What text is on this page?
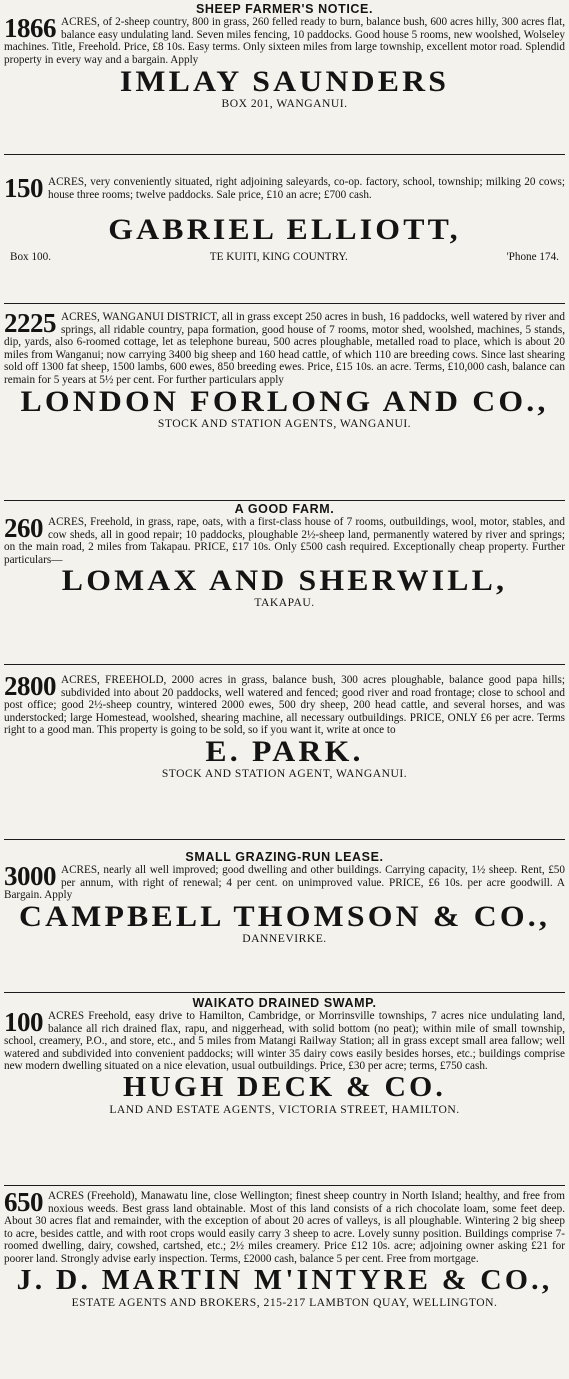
SHEEP FARMER'S NOTICE.
1866 ACRES, of 2-sheep country, 800 in grass, 260 felled ready to burn, balance bush, 600 acres hilly, 300 acres flat, balance easy undulating land. Seven miles fencing, 10 paddocks. Good house 5 rooms, new woolshed, Wolseley machines. Title, Freehold. Price, £8 10s. Easy terms. Only sixteen miles from large township, excellent motor road. Splendid property in every way and a bargain. Apply
IMLAY SAUNDERS
BOX 201, WANGANUI.
150 ACRES, very conveniently situated, right adjoining saleyards, co-op. factory, school, township; milking 20 cows; house three rooms; twelve paddocks. Sale price, £10 an acre; £700 cash.
GABRIEL ELLIOTT,
Box 100.	TE KUITI, KING COUNTRY.	'Phone 174.
2225 ACRES, WANGANUI DISTRICT, all in grass except 250 acres in bush, 16 paddocks, well watered by river and springs, all ridable country, papa formation, good house of 7 rooms, motor shed, woolshed, machines, 5 stands, dip, yards, also 6-roomed cottage, let as telephone bureau, 500 acres ploughable, metalled road to place, which is about 20 miles from Wanganui; now carrying 3400 big sheep and 160 head cattle, of which 110 are breeding cows. Since last shearing sold off 1300 fat sheep, 1500 lambs, 600 ewes, 850 breeding ewes. Price, £15 10s. an acre. Terms, £10,000 cash, balance can remain for 5 years at 5½ per cent. For further particulars apply
LONDON FORLONG AND CO.,
STOCK AND STATION AGENTS, WANGANUI.
A GOOD FARM.
260 ACRES, Freehold, in grass, rape, oats, with a first-class house of 7 rooms, outbuildings, wool, motor, stables, and cow sheds, all in good repair; 10 paddocks, ploughable 2½-sheep land, permanently watered by river and springs; on the main road, 2 miles from Takapau. PRICE, £17 10s. Only £500 cash required. Exceptionally cheap property. Further particulars—
LOMAX AND SHERWILL,
TAKAPAU.
2800 ACRES, FREEHOLD, 2000 acres in grass, balance bush, 300 acres ploughable, balance good papa hills; subdivided into about 20 paddocks, well watered and fenced; good river and road frontage; close to school and post office; good 2½-sheep country, wintered 2000 ewes, 500 dry sheep, 200 head cattle, and several horses, and was understocked; large Homestead, woolshed, shearing machine, all necessary outbuildings. PRICE, ONLY £6 per acre. Terms right to a good man. This property is going to be sold, so if you want it, write at once to
E. PARK.
STOCK AND STATION AGENT, WANGANUI.
SMALL GRAZING-RUN LEASE.
3000 ACRES, nearly all well improved; good dwelling and other buildings. Carrying capacity, 1½ sheep. Rent, £50 per annum, with right of renewal; 4 per cent. on unimproved value. PRICE, £6 10s. per acre goodwill. A Bargain. Apply
CAMPBELL THOMSON & CO.,
DANNEVIRKE.
WAIKATO DRAINED SWAMP.
100 ACRES Freehold, easy drive to Hamilton, Cambridge, or Morrinsville townships, 7 acres nice undulating land, balance all rich drained flax, rapu, and niggerhead, with solid bottom (no peat); within mile of small township, school, creamery, P.O., and store, etc., and 5 miles from Matangi Railway Station; all in grass except small area fallow; well watered and subdivided into convenient paddocks; will winter 35 dairy cows easily besides horses, etc.; buildings comprise new modern dwelling situated on a nice elevation, usual outbuildings. Price, £30 per acre; terms, £750 cash.
HUGH DECK & CO.
LAND AND ESTATE AGENTS, VICTORIA STREET, HAMILTON.
650 ACRES (Freehold), Manawatu line, close Wellington; finest sheep country in North Island; healthy, and free from noxious weeds. Best grass land obtainable. Most of this land consists of a rich chocolate loam, some feet deep. About 30 acres flat and remainder, with the exception of about 20 acres of valleys, is all ploughable. Wintering 2 big sheep to acre, besides cattle, and with root crops would easily carry 3 sheep to acre. Lovely sunny position. Buildings comprise 7-roomed dwelling, dairy, cowshed, cartshed, etc.; 2½ miles creamery. Price £12 10s. acre; adjoining owner asking £21 for poorer land. Strongly advise early inspection. Terms, £2000 cash, balance 5 per cent. Free from mortgage.
J. D. MARTIN M'INTYRE & CO.,
ESTATE AGENTS AND BROKERS, 215-217 LAMBTON QUAY, WELLINGTON.
